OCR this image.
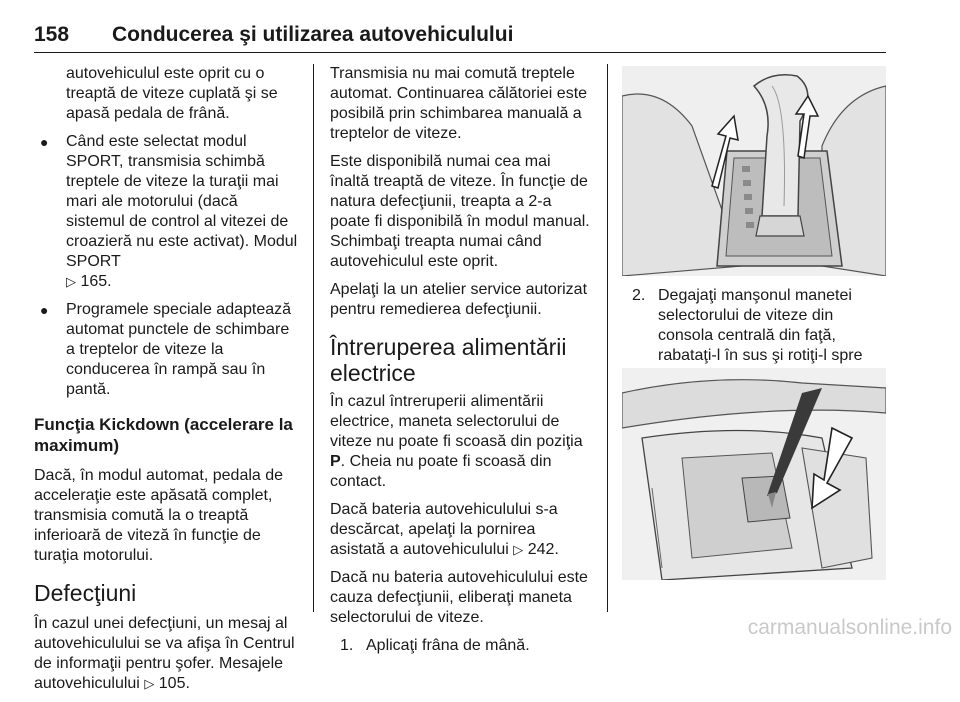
158 Conducerea şi utilizarea autovehiculului

autovehiculul este oprit cu o treaptă de viteze cuplată şi se apasă pedala de frână.

● Când este selectat modul SPORT, transmisia schimbă treptele de viteze la turaţii mai mari ale motorului (dacă sistemul de control al vitezei de croazieră nu este activat). Modul SPORT
▷ 165.
● Programele speciale adaptează automat punctele de schimbare a treptelor de viteze la conducerea în rampă sau în pantă.
Funcţia Kickdown (accelerare la maximum)

Dacă, în modul automat, pedala de acceleraţie este apăsată complet, transmisia comută la o treaptă inferioară de viteză în funcţie de turaţia motorului.

Defecţiuni

În cazul unei defecţiuni, un mesaj al autovehiculului se va afişa în Centrul de informaţii pentru şofer. Mesajele autovehiculului ▷ 105.

Transmisia nu mai comută treptele automat. Continuarea călătoriei este posibilă prin schimbarea manuală a treptelor de viteze.

Este disponibilă numai cea mai înaltă treaptă de viteze. În funcţie de natura defecţiunii, treapta a 2-a poate fi disponibilă în modul manual. Schimbaţi treapta numai când autovehiculul este oprit.

Apelaţi la un atelier service autorizat pentru remedierea defecţiunii.

Întreruperea alimentării electrice

În cazul întreruperii alimentării electrice, maneta selectorului de viteze nu poate fi scoasă din poziţia P. Cheia nu poate fi scoasă din contact.

Dacă bateria autovehiculului s-a descărcat, apelaţi la pornirea asistată a autovehiculului ▷ 242.

Dacă nu bateria autovehiculului este cauza defecţiunii, eliberaţi maneta selectorului de viteze.

1. Aplicaţi frâna de mână.
2. Degajaţi manşonul manetei selectorului de viteze din consola centrală din faţă, rabataţi-l în sus şi rotiţi-l spre
carmanualsonline.info
